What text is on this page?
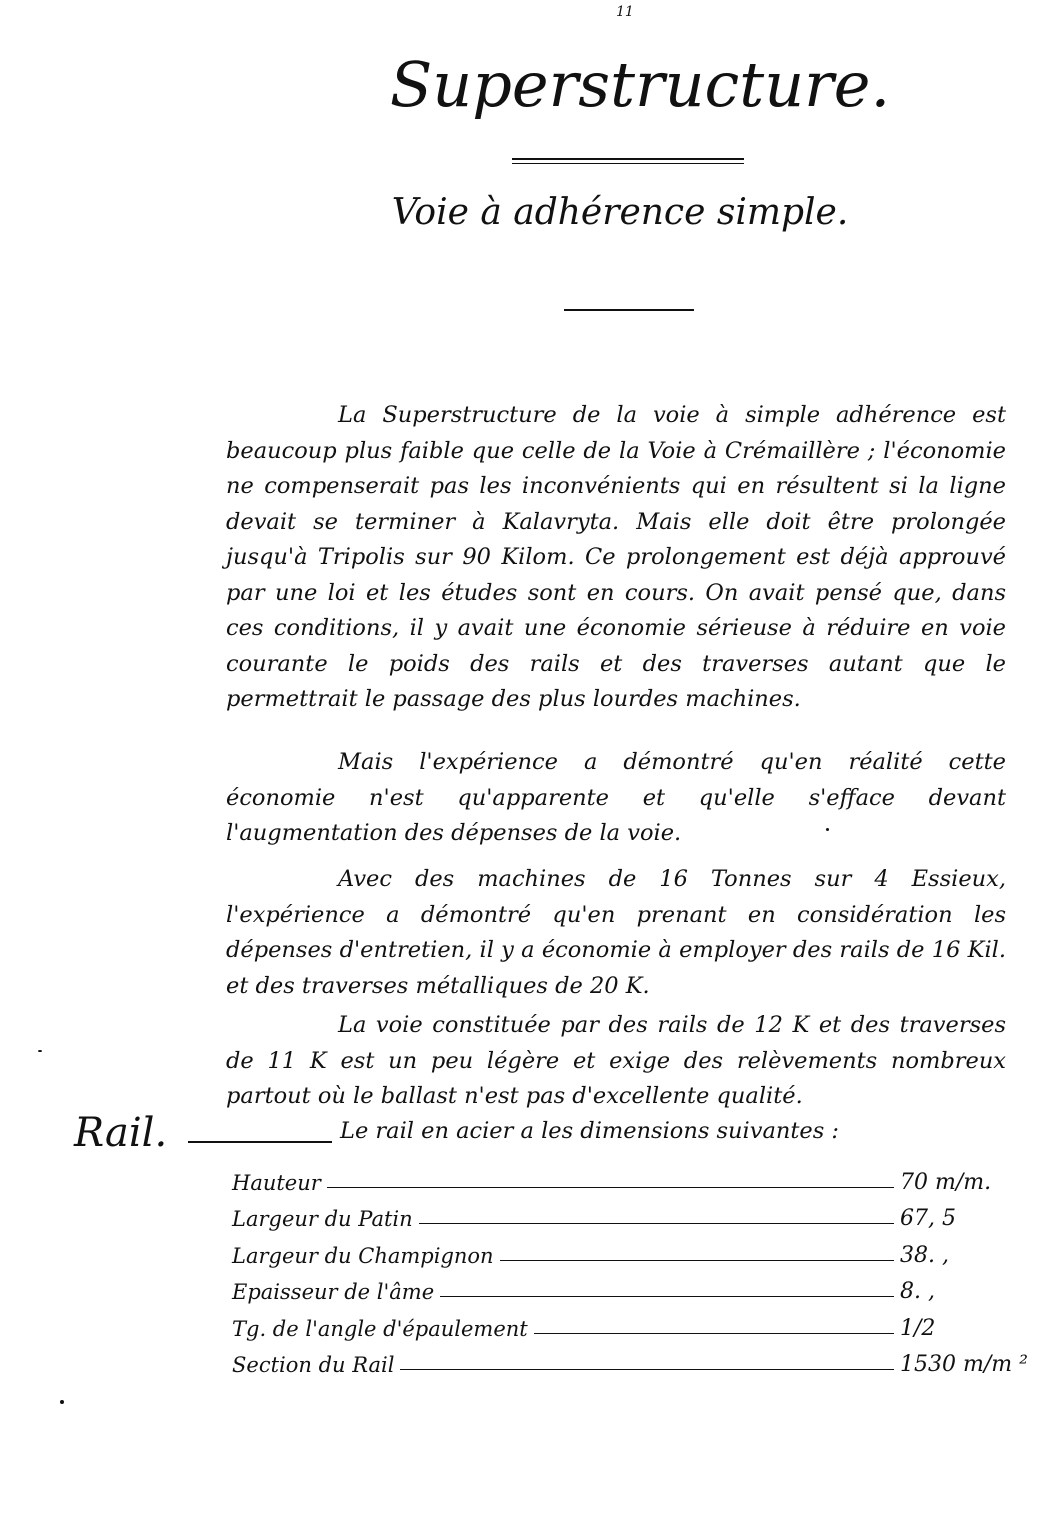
11
Superstructure.
Voie à adhérence simple.

La Superstructure de la voie à simple adhérence est beaucoup plus faible que celle de la Voie à Crémaillère ; l'économie ne compenserait pas les inconvénients qui en résultent si la ligne devait se terminer à Kalavryta. Mais elle doit être prolongée jusqu'à Tripolis sur 90 Kilom. Ce prolongement est déjà approuvé par une loi et les études sont en cours. On avait pensé que, dans ces conditions, il y avait une économie sérieuse à réduire en voie courante le poids des rails et des traverses autant que le permettrait le passage des plus lourdes machines.

Mais l'expérience a démontré qu'en réalité cette économie n'est qu'apparente et qu'elle s'efface devant l'augmentation des dépenses de la voie.

Avec des machines de 16 Tonnes sur 4 Essieux, l'expérience a démontré qu'en prenant en considération les dépenses d'entretien, il y a économie à employer des rails de 16 Kil. et des traverses métalliques de 20 K.

La voie constituée par des rails de 12 K et des traverses de 11 K est un peu légère et exige des relèvements nombreux partout où le ballast n'est pas d'excellente qualité.

Rail.	Le rail en acier a les dimensions suivantes :
Hauteur	70 m/m.
Largeur du Patin	67, 5
Largeur du Champignon	38. ,
Epaisseur de l'âme	8. ,
Tg. de l'angle d'épaulement	1/2
Section du Rail	1530 m/m ²
